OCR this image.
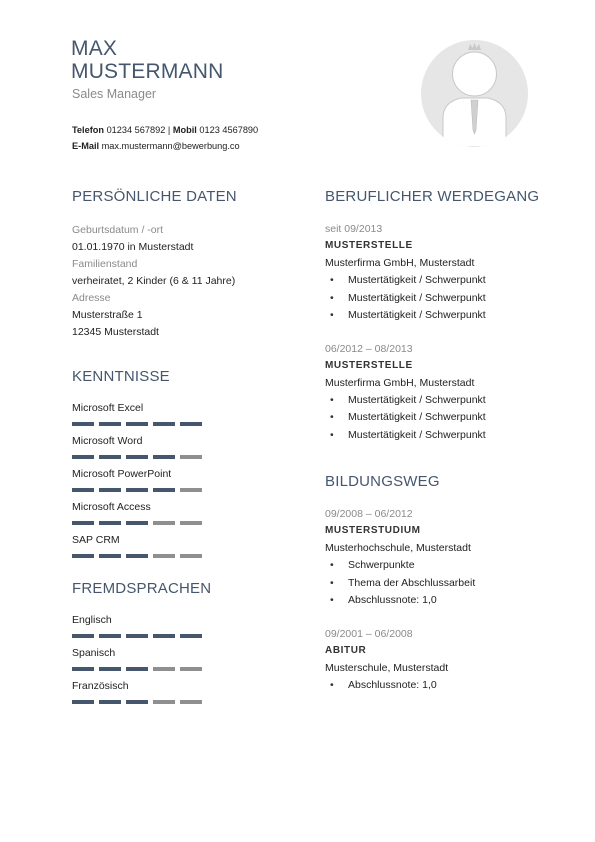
MAX
MUSTERMANN
Sales Manager
Telefon 01234 567892 | Mobil 0123 4567890
E-Mail max.mustermann@bewerbung.co
PERSÖNLICHE DATEN
Geburtsdatum / -ort
01.01.1970 in Musterstadt
Familienstand
verheiratet, 2 Kinder (6 & 11 Jahre)
Adresse
Musterstraße 1
12345 Musterstadt
KENNTNISSE
Microsoft Excel
Microsoft Word
Microsoft PowerPoint
Microsoft Access
SAP CRM
FREMDSPRACHEN
Englisch
Spanisch
Französisch
BERUFLICHER WERDEGANG
seit 09/2013
MUSTERSTELLE
Musterfirma GmbH, Musterstadt
• Mustertätigkeit / Schwerpunkt
• Mustertätigkeit / Schwerpunkt
• Mustertätigkeit / Schwerpunkt
06/2012 – 08/2013
MUSTERSTELLE
Musterfirma GmbH, Musterstadt
• Mustertätigkeit / Schwerpunkt
• Mustertätigkeit / Schwerpunkt
• Mustertätigkeit / Schwerpunkt
BILDUNGSWEG
09/2008 – 06/2012
MUSTERSTUDIUM
Musterhochschule, Musterstadt
• Schwerpunkte
• Thema der Abschlussarbeit
• Abschlussnote: 1,0
09/2001 – 06/2008
ABITUR
Musterschule, Musterstadt
• Abschlussnote: 1,0
